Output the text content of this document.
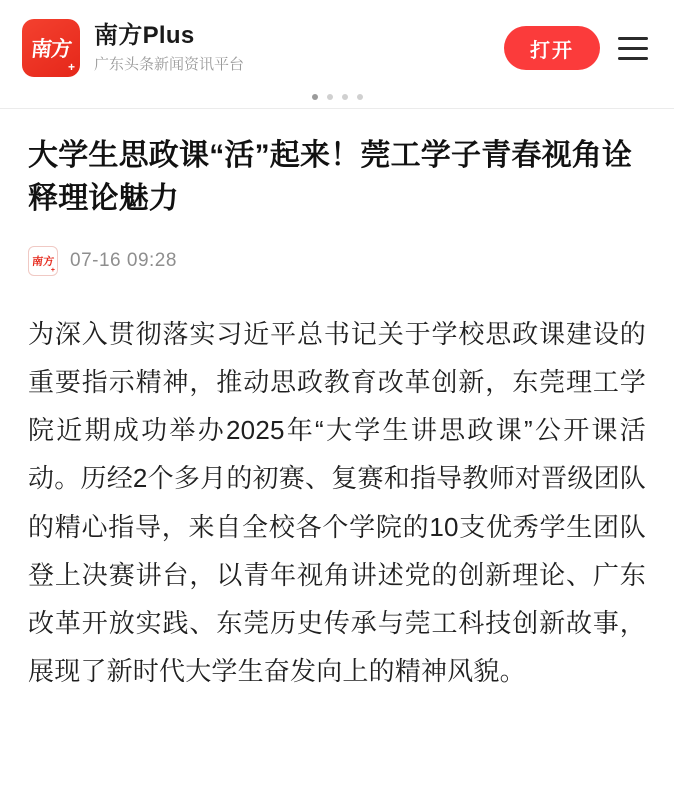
南方
+
南方Plus
广东头条新闻资讯平台
打开
大学生思政课“活”起来！莞工学子青春视角诠释理论魅力
南方
+ 07-16 09:28
为深入贯彻落实习近平总书记关于学校思政课建设的重要指示精神，推动思政教育改革创新，东莞理工学院近期成功举办2025年“大学生讲思政课”公开课活动。历经2个多月的初赛、复赛和指导教师对晋级团队的精心指导，来自全校各个学院的10支优秀学生团队登上决赛讲台，以青年视角讲述党的创新理论、广东改革开放实践、东莞历史传承与莞工科技创新故事，展现了新时代大学生奋发向上的精神风貌。
